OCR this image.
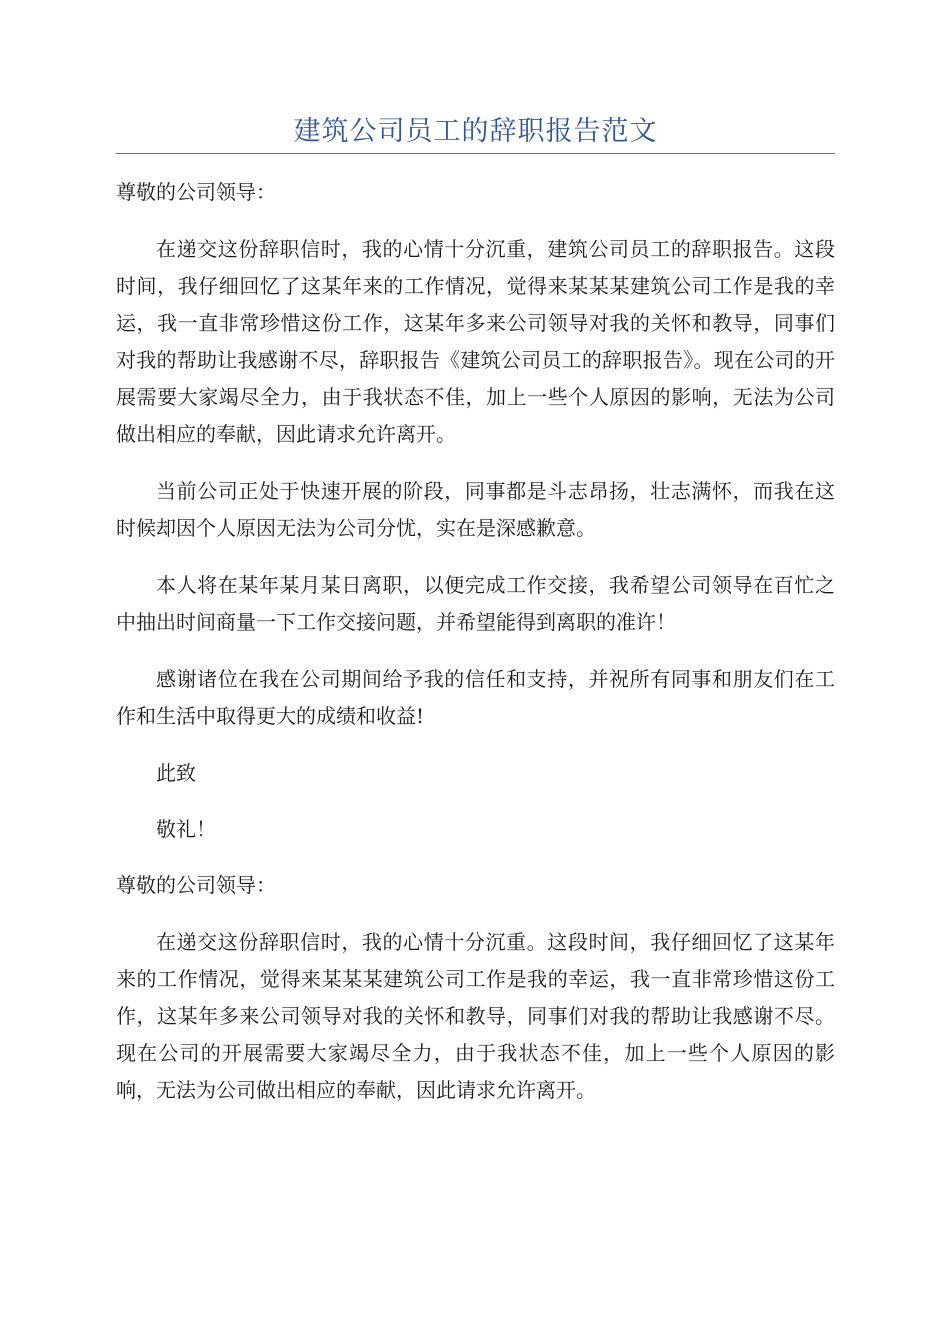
建筑公司员工的辞职报告范文

尊敬的公司领导：

在递交这份辞职信时，我的心情十分沉重，建筑公司员工的辞职报告。这段时间，我仔细回忆了这某年来的工作情况，觉得来某某某建筑公司工作是我的幸运，我一直非常珍惜这份工作，这某年多来公司领导对我的关怀和教导，同事们对我的帮助让我感谢不尽，辞职报告《建筑公司员工的辞职报告》。现在公司的开展需要大家竭尽全力，由于我状态不佳，加上一些个人原因的影响，无法为公司做出相应的奉献，因此请求允许离开。

当前公司正处于快速开展的阶段，同事都是斗志昂扬，壮志满怀，而我在这时候却因个人原因无法为公司分忧，实在是深感歉意。

本人将在某年某月某日离职，以便完成工作交接，我希望公司领导在百忙之中抽出时间商量一下工作交接问题，并希望能得到离职的准许！

感谢诸位在我在公司期间给予我的信任和支持，并祝所有同事和朋友们在工作和生活中取得更大的成绩和收益!

此致

敬礼！

尊敬的公司领导：

在递交这份辞职信时，我的心情十分沉重。这段时间，我仔细回忆了这某年来的工作情况，觉得来某某某建筑公司工作是我的幸运，我一直非常珍惜这份工作，这某年多来公司领导对我的关怀和教导，同事们对我的帮助让我感谢不尽。现在公司的开展需要大家竭尽全力，由于我状态不佳，加上一些个人原因的影响，无法为公司做出相应的奉献，因此请求允许离开。
